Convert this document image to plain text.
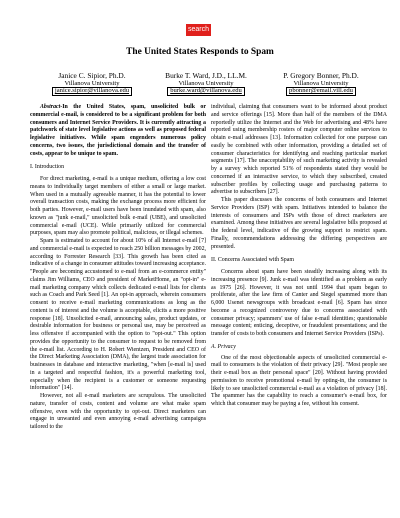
search
The United States Responds to Spam
Janice C. Sipior, Ph.D.
Villanova University
janice.sipior@villanova.edu
Burke T. Ward, J.D., LL.M.
Villanova University
burke.ward@villanova.edu
P. Gregory Bonner, Ph.D.
Villanova University
pbonner@email.vill.edu

Abstract-In the United States, spam, unsolicited bulk or commercial e-mail, is considered to be a significant problem for both consumers and Internet Service Providers. It is currently attracting a patchwork of state level legislative actions as well as proposed federal legislative initiatives. While spam engenders numerous policy concerns, two issues, the jurisdictional domain and the transfer of costs, appear to be unique to spam.

I. Introduction

For direct marketing, e-mail is a unique medium, offering a low cost means to individually target members of either a small or large market. When used in a mutually agreeable manner, it has the potential to lower overall transaction costs, making the exchange process more efficient for both parties. However, e-mail users have been inundated with spam, also known as "junk e-mail," unsolicited bulk e-mail (UBE), and unsolicited commercial e-mail (UCE). While primarily utilized for commercial purposes, spam may also promote political, malicious, or illegal schemes.

Spam is estimated to account for about 10% of all Internet e-mail [7] and commercial e-mail is expected to reach 250 billion messages by 2002, according to Forrester Research [33]. This growth has been cited as indicative of a change in consumer attitudes toward increasing acceptance. "People are becoming accustomed to e-mail from an e-commerce entity" claims Jim Williams, CEO and president of MarketHome, an "opt-in" e-mail marketing company which collects dedicated e-mail lists for clients such as Coach and Park Seed [1]. An opt-in approach, wherein consumers consent to receive e-mail marketing communications as long as the content is of interest and the volume is acceptable, elicits a more positive response [18]. Unsolicited e-mail, announcing sales, product updates, or desirable information for business or personal use, may be perceived as less offensive if accompanied with the option to "opt-out." This option provides the opportunity to the consumer to request to be removed from the e-mail list. According to H. Robert Wientzen, President and CEO of the Direct Marketing Association (DMA), the largest trade association for businesses in database and interactive marketing, "when [e-mail is] used in a targeted and respectful fashion, it's a powerful marketing tool, especially when the recipient is a customer or someone requesting information" [14].

However, not all e-mail marketers are scrupulous. The unsolicited nature, transfer of costs, content and volume are what make spam offensive, even with the opportunity to opt-out. Direct marketers can engage in unwanted and even annoying e-mail advertising campaigns tailored to the

individual, claiming that consumers want to be informed about product and service offerings [15]. More than half of the members of the DMA reportedly utilize the Internet and the Web for advertising and 48% have reported using membership rosters of major computer online services to obtain e-mail addresses [13]. Information collected for one purpose can easily be combined with other information, providing a detailed set of consumer characteristics for identifying and reaching particular market segments [17]. The unacceptability of such marketing activity is revealed by a survey which reported 51% of respondents stated they would be concerned if an interactive service, to which they subscribed, created subscriber profiles by collecting usage and purchasing patterns to advertise to subscribers [27].

This paper discusses the concerns of both consumers and Internet Service Providers (ISP) with spam. Initiatives intended to balance the interests of consumers and ISPs with those of direct marketers are examined. Among these initiatives are several legislative bills proposed at the federal level, indicative of the growing support to restrict spam. Finally, recommendations addressing the differing perspectives are presented.

II. Concerns Associated with Spam

Concerns about spam have been steadily increasing along with its increasing presence [9]. Junk e-mail was identified as a problem as early as 1975 [26]. However, it was not until 1994 that spam began to proliferate, after the law firm of Canter and Siegel spammed more than 6,000 Usenet newsgroups with broadcast e-mail [6]. Spam has since become a recognized controversy due to concerns associated with consumer privacy; spammers' use of false e-mail identities; questionable message content; enticing, deceptive, or fraudulent presentations; and the transfer of costs to both consumers and Internet Service Providers (ISPs).

A. Privacy

One of the most objectionable aspects of unsolicited commercial e-mail to consumers is the violation of their privacy [29]. "Most people see their e-mail box as their personal space" [20]. Without having provided permission to receive promotional e-mail by opting-in, the consumer is likely to see unsolicited commercial e-mail as a violation of privacy [18]. The spammer has the capability to reach a consumer's e-mail box, for which that consumer may be paying a fee, without his consent.
